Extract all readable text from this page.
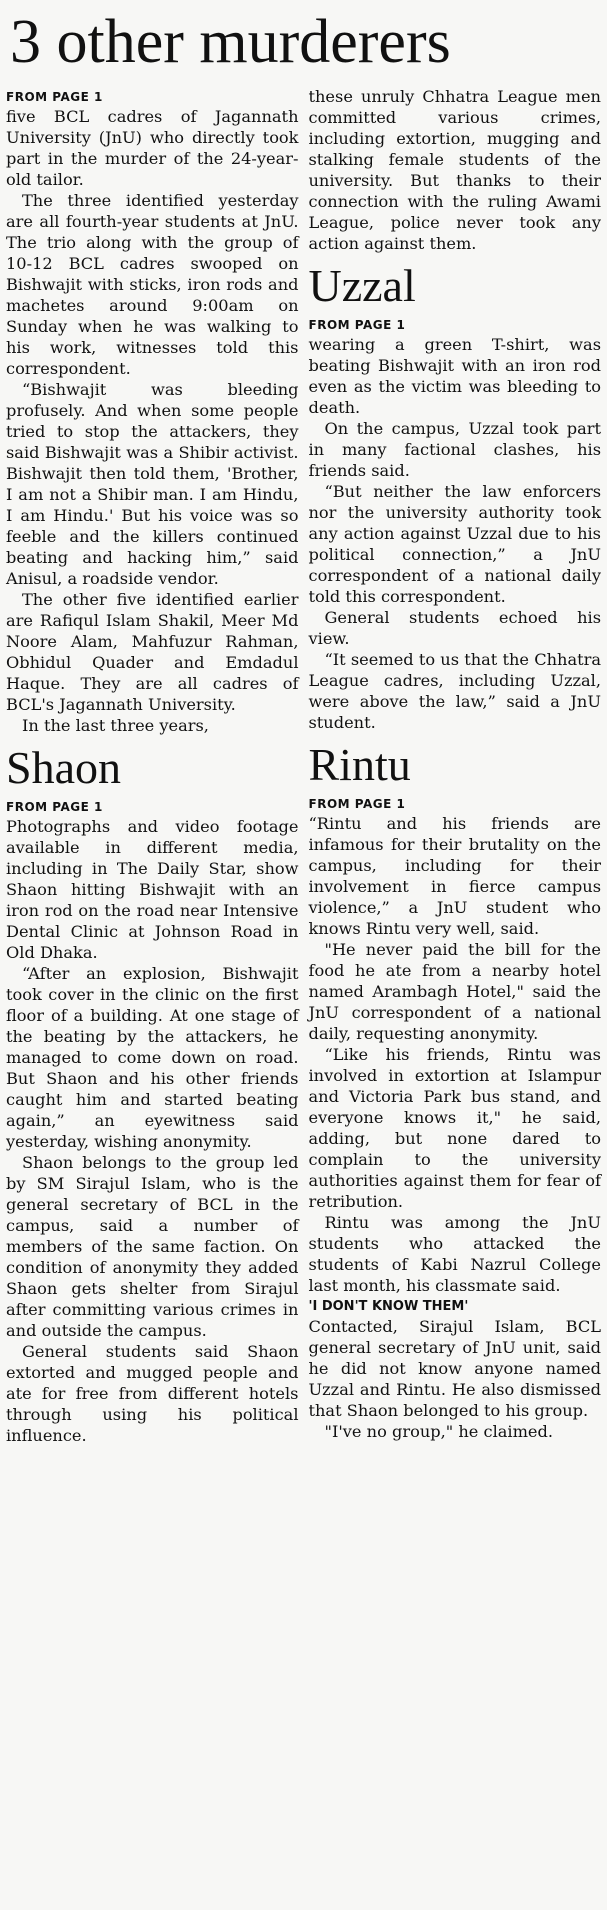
3 other murderers
FROM PAGE 1

five BCL cadres of Jagannath University (JnU) who directly took part in the murder of the 24-year-old tailor.

The three identified yesterday are all fourth-year students at JnU. The trio along with the group of 10-12 BCL cadres swooped on Bishwajit with sticks, iron rods and machetes around 9:00am on Sunday when he was walking to his work, witnesses told this correspondent.

“Bishwajit was bleeding profusely. And when some people tried to stop the attackers, they said Bishwajit was a Shibir activist. Bishwajit then told them, 'Brother, I am not a Shibir man. I am Hindu, I am Hindu.' But his voice was so feeble and the killers continued beating and hacking him,” said Anisul, a roadside vendor.

The other five identified earlier are Rafiqul Islam Shakil, Meer Md Noore Alam, Mahfuzur Rahman, Obhidul Quader and Emdadul Haque. They are all cadres of BCL's Jagannath University.

In the last three years,

Shaon
FROM PAGE 1

Photographs and video footage available in different media, including in The Daily Star, show Shaon hitting Bishwajit with an iron rod on the road near Intensive Dental Clinic at Johnson Road in Old Dhaka.

“After an explosion, Bishwajit took cover in the clinic on the first floor of a building. At one stage of the beating by the attackers, he managed to come down on road. But Shaon and his other friends caught him and started beating again,” an eyewitness said yesterday, wishing anonymity.

Shaon belongs to the group led by SM Sirajul Islam, who is the general secretary of BCL in the campus, said a number of members of the same faction. On condition of anonymity they added Shaon gets shelter from Sirajul after committing various crimes in and outside the campus.

General students said Shaon extorted and mugged people and ate for free from different hotels through using his political influence.

these unruly Chhatra League men committed various crimes, including extortion, mugging and stalking female students of the university. But thanks to their connection with the ruling Awami League, police never took any action against them.

Uzzal
FROM PAGE 1

wearing a green T-shirt, was beating Bishwajit with an iron rod even as the victim was bleeding to death.

On the campus, Uzzal took part in many factional clashes, his friends said.

“But neither the law enforcers nor the university authority took any action against Uzzal due to his political connection,” a JnU correspondent of a national daily told this correspondent.

General students echoed his view.

“It seemed to us that the Chhatra League cadres, including Uzzal, were above the law,” said a JnU student.

Rintu
FROM PAGE 1

“Rintu and his friends are infamous for their brutality on the campus, including for their involvement in fierce campus violence,” a JnU student who knows Rintu very well, said.

"He never paid the bill for the food he ate from a nearby hotel named Arambagh Hotel," said the JnU correspondent of a national daily, requesting anonymity.

“Like his friends, Rintu was involved in extortion at Islampur and Victoria Park bus stand, and everyone knows it," he said, adding, but none dared to complain to the university authorities against them for fear of retribution.

Rintu was among the JnU students who attacked the students of Kabi Nazrul College last month, his classmate said.

'I DON'T KNOW THEM'

Contacted, Sirajul Islam, BCL general secretary of JnU unit, said he did not know anyone named Uzzal and Rintu. He also dismissed that Shaon belonged to his group.

"I've no group," he claimed.
